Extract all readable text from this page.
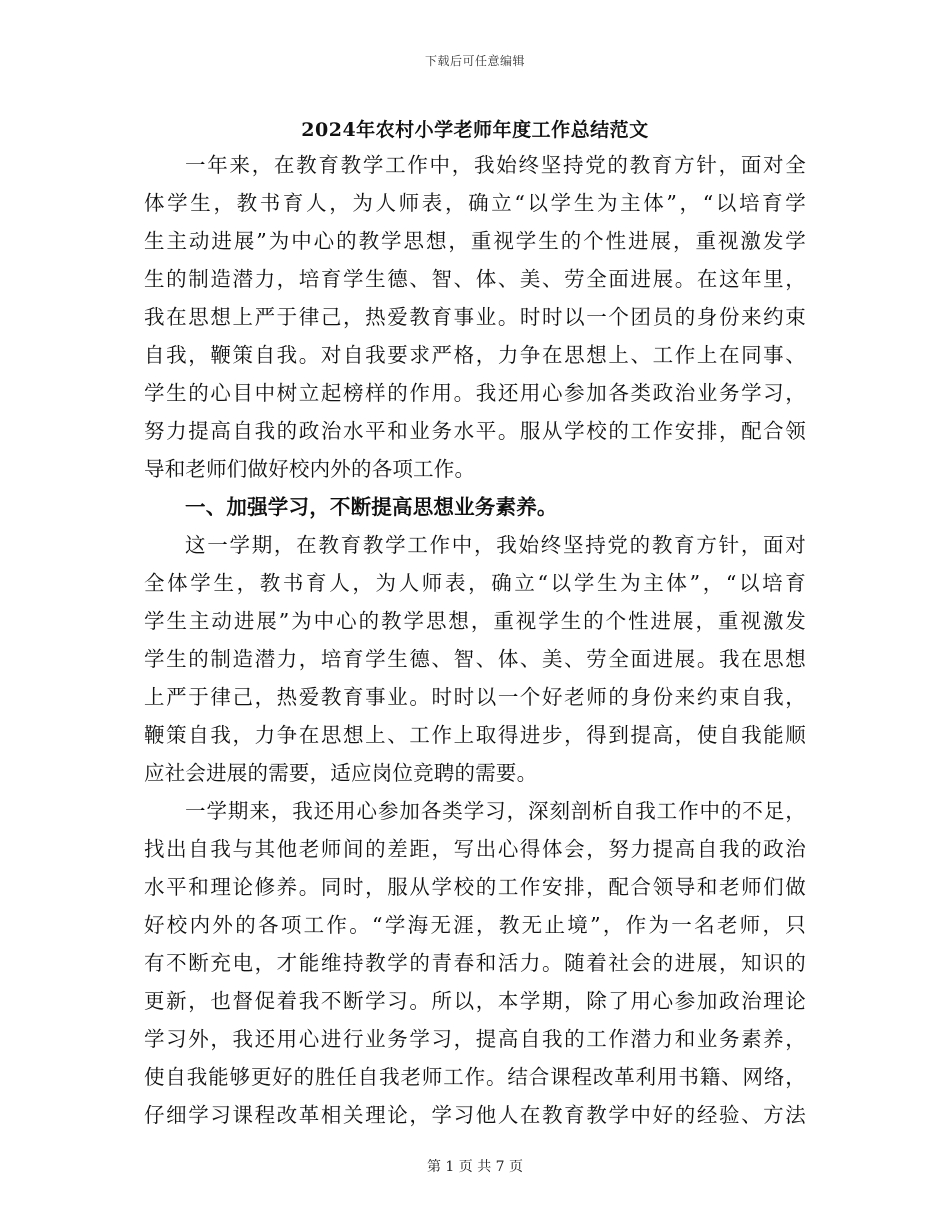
下载后可任意编辑
2024年农村小学老师年度工作总结范文
一年来，在教育教学工作中，我始终坚持党的教育方针，面对全
体学生，教书育人，为人师表，确立“以学生为主体”，“以培育学
生主动进展”为中心的教学思想，重视学生的个性进展，重视激发学
生的制造潜力，培育学生德、智、体、美、劳全面进展。在这年里，
我在思想上严于律己，热爱教育事业。时时以一个团员的身份来约束
自我，鞭策自我。对自我要求严格，力争在思想上、工作上在同事、
学生的心目中树立起榜样的作用。我还用心参加各类政治业务学习，
努力提高自我的政治水平和业务水平。服从学校的工作安排，配合领
导和老师们做好校内外的各项工作。
一、加强学习，不断提高思想业务素养。
这一学期，在教育教学工作中，我始终坚持党的教育方针，面对
全体学生，教书育人，为人师表，确立“以学生为主体”，“以培育
学生主动进展”为中心的教学思想，重视学生的个性进展，重视激发
学生的制造潜力，培育学生德、智、体、美、劳全面进展。我在思想
上严于律己，热爱教育事业。时时以一个好老师的身份来约束自我，
鞭策自我，力争在思想上、工作上取得进步，得到提高，使自我能顺
应社会进展的需要，适应岗位竞聘的需要。
一学期来，我还用心参加各类学习，深刻剖析自我工作中的不足，
找出自我与其他老师间的差距，写出心得体会，努力提高自我的政治
水平和理论修养。同时，服从学校的工作安排，配合领导和老师们做
好校内外的各项工作。“学海无涯，教无止境”，作为一名老师，只
有不断充电，才能维持教学的青春和活力。随着社会的进展，知识的
更新，也督促着我不断学习。所以，本学期，除了用心参加政治理论
学习外，我还用心进行业务学习，提高自我的工作潜力和业务素养，
使自我能够更好的胜任自我老师工作。结合课程改革利用书籍、网络，
仔细学习课程改革相关理论，学习他人在教育教学中好的经验、方法
第 1 页 共 7 页
